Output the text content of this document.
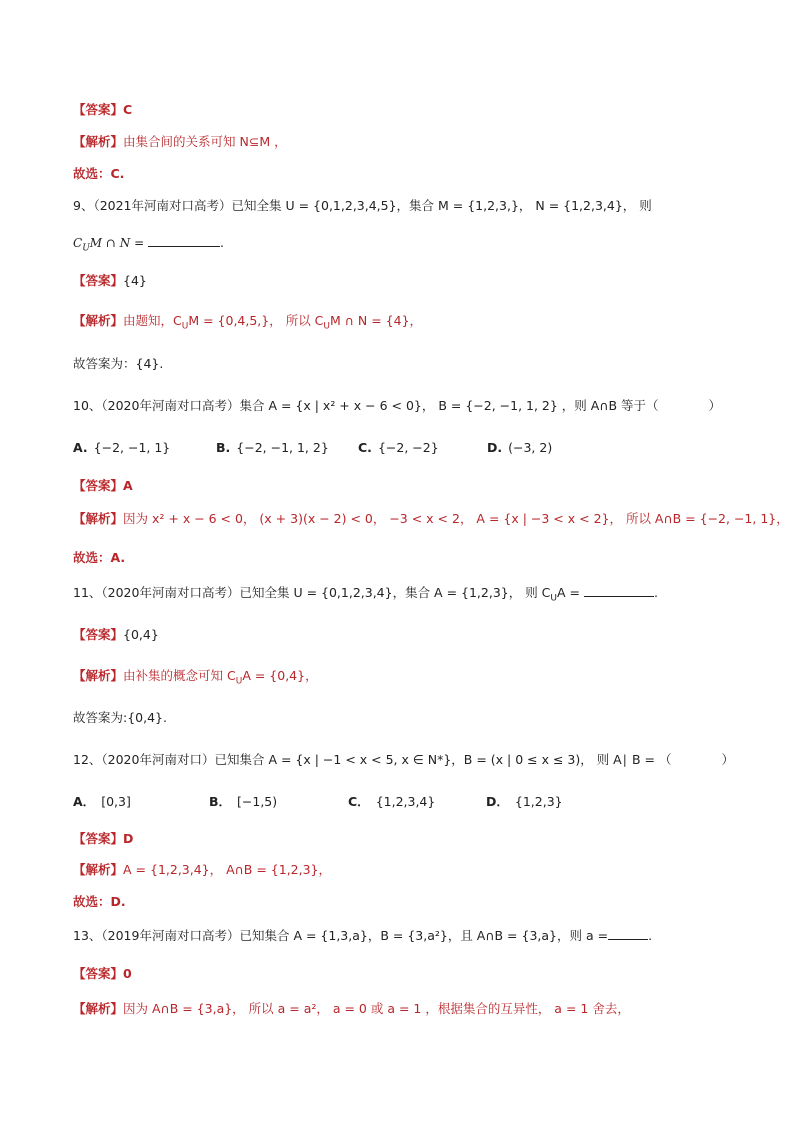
【答案】C
【解析】由集合间的关系可知 N⊆M ，
故选：C.
9、（2021年河南对口高考）已知全集 U = {0,1,2,3,4,5}，集合 M = {1,2,3,}， N = {1,2,3,4}， 则
$C_UM$ ∩ N =	.
【答案】{4}
【解析】由题知，$C_UM = \{0,4,5,\}$， 所以 $C_UM$ ∩ N = {4}，
故答案为：{4}.
10、（2020年河南对口高考）集合 A = {x | x² + x − 6 < 0}， B = {−2, −1, 1, 2} ，则 A∩B 等于（	）
A. {−2, −1, 1}	B. {−2, −1, 1, 2} C. {−2, −2}	D. (−3, 2)
【答案】A
【解析】因为 x² + x − 6 < 0， (x + 3)(x − 2) < 0， −3 < x < 2， A = {x | −3 < x < 2}， 所以 A∩B = {−2, −1, 1}，
故选：A.
11、（2020年河南对口高考）已知全集 U = {0,1,2,3,4}，集合 A = {1,2,3}， 则 $C_UA$ =	.
【答案】{0,4}
【解析】由补集的概念可知 $C_UA = \{0,4\}$，
故答案为:{0,4}.
12、（2020年河南对口）已知集合 A = {x | −1 < x < 5, x ∈ N*}，B = (x | 0 ≤ x ≤ 3)， 则 A∣ B = （	）
A． [0,3]	B． [−1,5)	C． {1,2,3,4}	D． {1,2,3}
【答案】D
【解析】A = {1,2,3,4}， A∩B = {1,2,3}，
故选：D.
13、（2019年河南对口高考）已知集合 A = {1,3,a}，B = {3,a²}，且 A∩B = {3,a}，则 a =	.
【答案】0
【解析】因为 A∩B = {3,a}， 所以 a = a²， a = 0 或 a = 1 ，根据集合的互异性， a = 1 舍去，
